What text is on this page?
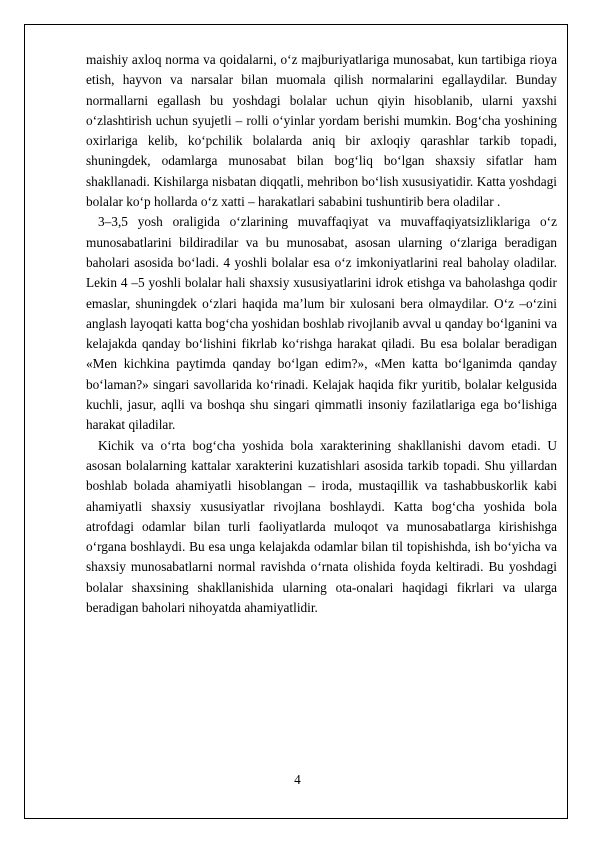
maishiy axloq norma va qoidalarni, o‘z majburiyatlariga munosabat, kun tartibiga rioya etish, hayvon va narsalar bilan muomala qilish normalarini egallaydilar. Bunday normallarni egallash bu yoshdagi bolalar uchun qiyin hisoblanib, ularni yaxshi o‘zlashtirish uchun syujetli – rolli o‘yinlar yordam berishi mumkin. Bog‘cha yoshining oxirlariga kelib, ko‘pchilik bolalarda aniq bir axloqiy qarashlar tarkib topadi, shuningdek, odamlarga munosabat bilan bog‘liq bo‘lgan shaxsiy sifatlar ham shakllanadi. Kishilarga nisbatan diqqatli, mehribon bo‘lish xususiyatidir. Katta yoshdagi bolalar ko‘p hollarda o‘z xatti – harakatlari sababini tushuntirib bera oladilar .

3–3,5 yosh oraligida o‘zlarining muvaffaqiyat va muvaffaqiyatsizliklariga o‘z munosabatlarini bildiradilar va bu munosabat, asosan ularning o‘zlariga beradigan baholari asosida bo‘ladi. 4 yoshli bolalar esa o‘z imkoniyatlarini real baholay oladilar. Lekin 4 –5 yoshli bolalar hali shaxsiy xususiyatlarini idrok etishga va baholashga qodir emaslar, shuningdek o‘zlari haqida ma’lum bir xulosani bera olmaydilar. O‘z –o‘zini anglash layoqati katta bog‘cha yoshidan boshlab rivojlanib avval u qanday bo‘lganini va kelajakda qanday bo‘lishini fikrlab ko‘rishga harakat qiladi. Bu esa bolalar beradigan «Men kichkina paytimda qanday bo‘lgan edim?», «Men katta bo‘lganimda qanday bo‘laman?» singari savollarida ko‘rinadi. Kelajak haqida fikr yuritib, bolalar kelgusida kuchli, jasur, aqlli va boshqa shu singari qimmatli insoniy fazilatlariga ega bo‘lishiga harakat qiladilar.

Kichik va o‘rta bog‘cha yoshida bola xarakterining shakllanishi davom etadi. U asosan bolalarning kattalar xarakterini kuzatishlari asosida tarkib topadi. Shu yillardan boshlab bolada ahamiyatli hisoblangan – iroda, mustaqillik va tashabbuskorlik kabi ahamiyatli shaxsiy xususiyatlar rivojlana boshlaydi. Katta bog‘cha yoshida bola atrofdagi odamlar bilan turli faoliyatlarda muloqot va munosabatlarga kirishishga o‘rgana boshlaydi. Bu esa unga kelajakda odamlar bilan til topishishda, ish bo‘yicha va shaxsiy munosabatlarni normal ravishda o‘rnata olishida foyda keltiradi. Bu yoshdagi bolalar shaxsining shakllanishida ularning ota-onalari haqidagi fikrlari va ularga beradigan baholari nihoyatda ahamiyatlidir.

4
